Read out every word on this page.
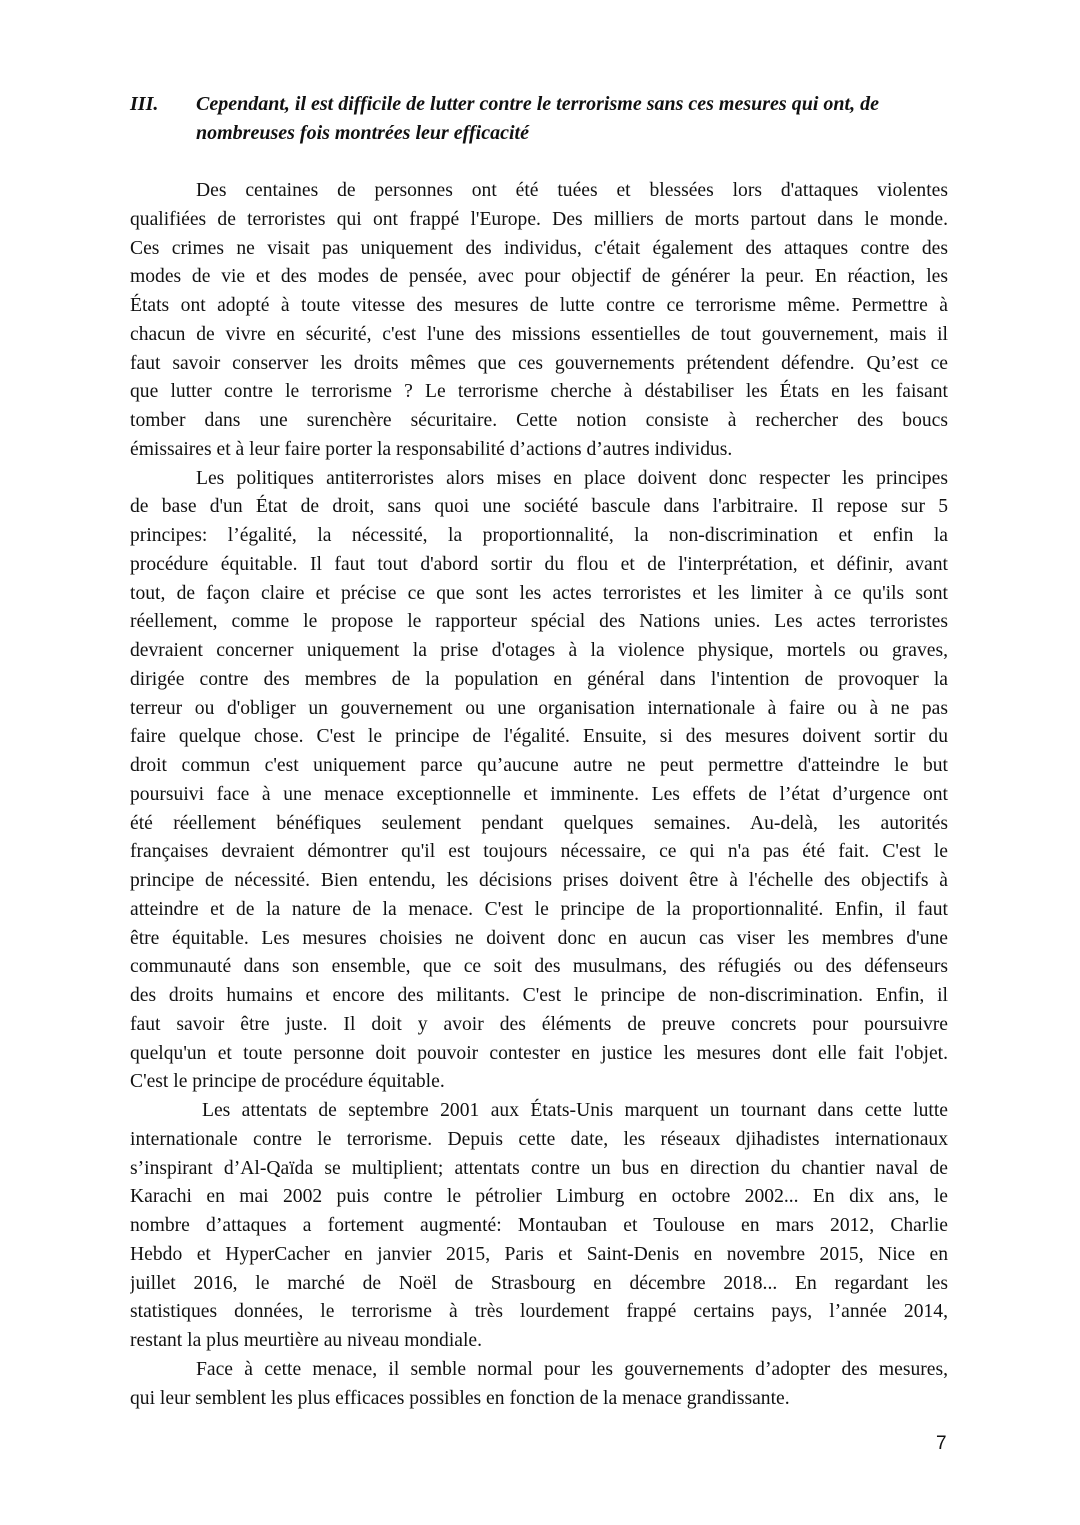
III. Cependant, il est difficile de lutter contre le terrorisme sans ces mesures qui ont, de
nombreuses fois montrées leur efficacité
Des centaines de personnes ont été tuées et blessées lors d'attaques violentes
qualifiées de terroristes qui ont frappé l'Europe. Des milliers de morts partout dans le monde.
Ces crimes ne visait pas uniquement des individus, c'était également des attaques contre des
modes de vie et des modes de pensée, avec pour objectif de générer la peur. En réaction, les
États ont adopté à toute vitesse des mesures de lutte contre ce terrorisme même. Permettre à
chacun de vivre en sécurité, c'est l'une des missions essentielles de tout gouvernement, mais il
faut savoir conserver les droits mêmes que ces gouvernements prétendent défendre. Qu’est ce
que lutter contre le terrorisme ? Le terrorisme cherche à déstabiliser les États en les faisant
tomber dans une surenchère sécuritaire. Cette notion consiste à rechercher des boucs
émissaires et à leur faire porter la responsabilité d’actions d’autres individus.
Les politiques antiterroristes alors mises en place doivent donc respecter les principes
de base d'un État de droit, sans quoi une société bascule dans l'arbitraire. Il repose sur 5
principes: l’égalité, la nécessité, la proportionnalité, la non-discrimination et enfin la
procédure équitable. Il faut tout d'abord sortir du flou et de l'interprétation, et définir, avant
tout, de façon claire et précise ce que sont les actes terroristes et les limiter à ce qu'ils sont
réellement, comme le propose le rapporteur spécial des Nations unies. Les actes terroristes
devraient concerner uniquement la prise d'otages à la violence physique, mortels ou graves,
dirigée contre des membres de la population en général dans l'intention de provoquer la
terreur ou d'obliger un gouvernement ou une organisation internationale à faire ou à ne pas
faire quelque chose. C'est le principe de l'égalité. Ensuite, si des mesures doivent sortir du
droit commun c'est uniquement parce qu’aucune autre ne peut permettre d'atteindre le but
poursuivi face à une menace exceptionnelle et imminente. Les effets de l’état d’urgence ont
été réellement bénéfiques seulement pendant quelques semaines. Au-delà, les autorités
françaises devraient démontrer qu'il est toujours nécessaire, ce qui n'a pas été fait. C'est le
principe de nécessité. Bien entendu, les décisions prises doivent être à l'échelle des objectifs à
atteindre et de la nature de la menace. C'est le principe de la proportionnalité. Enfin, il faut
être équitable. Les mesures choisies ne doivent donc en aucun cas viser les membres d'une
communauté dans son ensemble, que ce soit des musulmans, des réfugiés ou des défenseurs
des droits humains et encore des militants. C'est le principe de non-discrimination. Enfin, il
faut savoir être juste. Il doit y avoir des éléments de preuve concrets pour poursuivre
quelqu'un et toute personne doit pouvoir contester en justice les mesures dont elle fait l'objet.
C'est le principe de procédure équitable.
Les attentats de septembre 2001 aux États-Unis marquent un tournant dans cette lutte
internationale contre le terrorisme. Depuis cette date, les réseaux djihadistes internationaux
s’inspirant d’Al-Qaïda se multiplient; attentats contre un bus en direction du chantier naval de
Karachi en mai 2002 puis contre le pétrolier Limburg en octobre 2002... En dix ans, le
nombre d’attaques a fortement augmenté: Montauban et Toulouse en mars 2012, Charlie
Hebdo et HyperCacher en janvier 2015, Paris et Saint-Denis en novembre 2015, Nice en
juillet 2016, le marché de Noël de Strasbourg en décembre 2018... En regardant les
statistiques données, le terrorisme à très lourdement frappé certains pays, l’année 2014,
restant la plus meurtière au niveau mondiale.
Face à cette menace, il semble normal pour les gouvernements d’adopter des mesures,
qui leur semblent les plus efficaces possibles en fonction de la menace grandissante.
7
